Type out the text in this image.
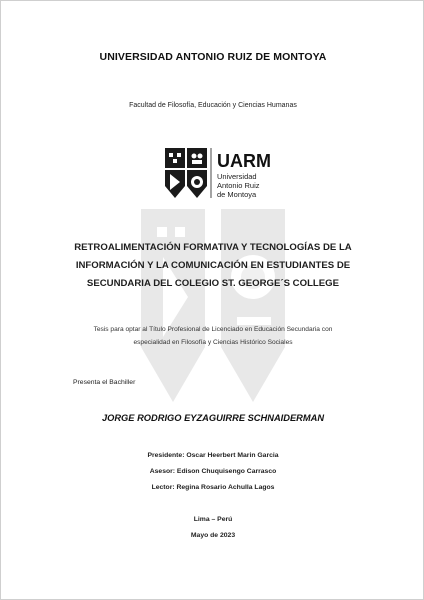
UNIVERSIDAD ANTONIO RUIZ DE MONTOYA
Facultad de Filosofía, Educación y Ciencias Humanas
UARM
Universidad
Antonio Ruiz
de Montoya
RETROALIMENTACIÓN FORMATIVA Y TECNOLOGÍAS DE LA
INFORMACIÓN Y LA COMUNICACIÓN EN ESTUDIANTES DE
SECUNDARIA DEL COLEGIO ST. GEORGE´S COLLEGE
Tesis para optar al Título Profesional de Licenciado en Educación Secundaria con
especialidad en Filosofía y Ciencias Histórico Sociales
Presenta el Bachiller
JORGE RODRIGO EYZAGUIRRE SCHNAIDERMAN
Presidente: Oscar Heerbert Marin Garcia
Asesor: Edison Chuquisengo Carrasco
Lector: Regina Rosario Achulla Lagos
Lima – Perú
Mayo de 2023
